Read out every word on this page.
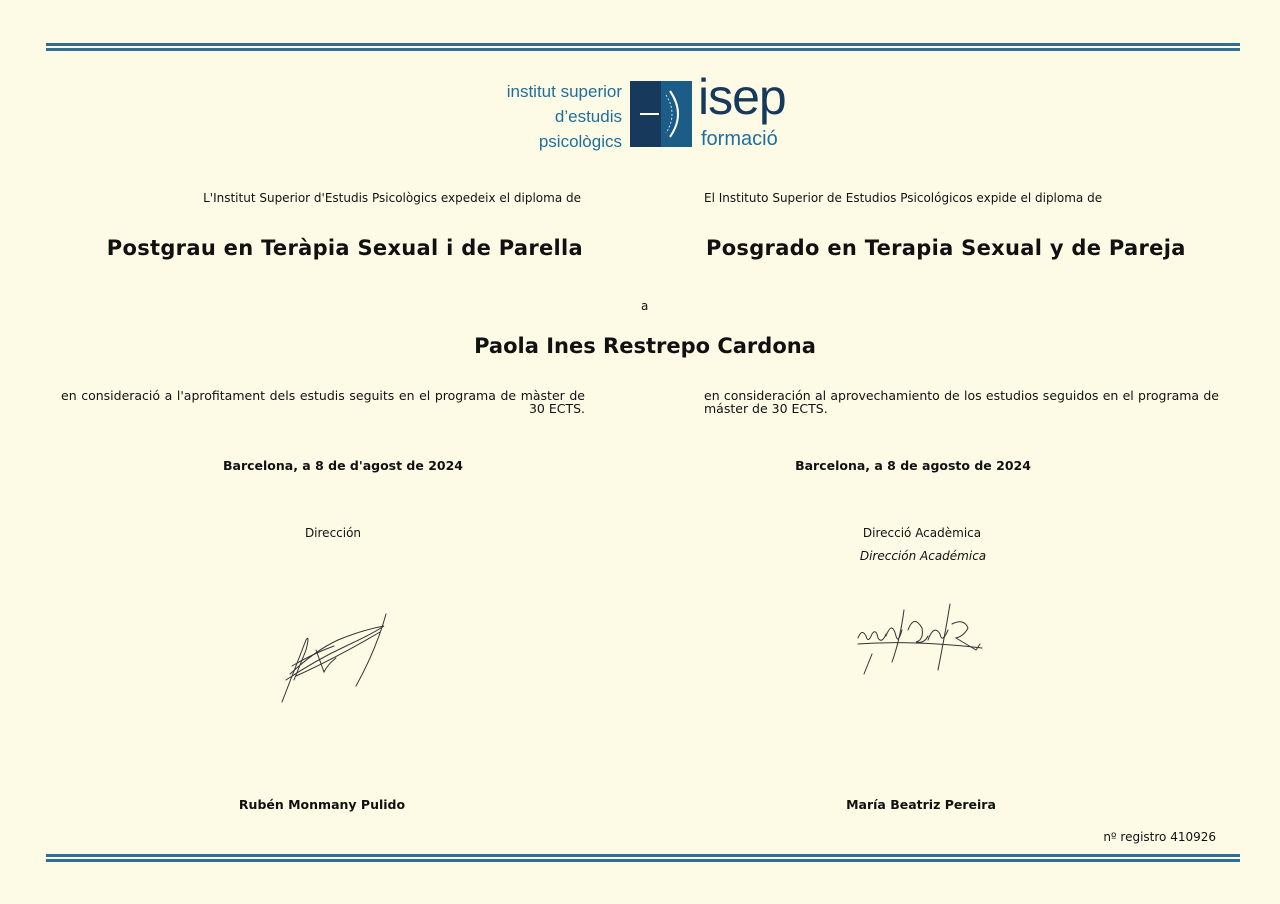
institut superior
d’estudis
psicològics
isep
formació
L'Institut Superior d'Estudis Psicològics expedeix el diploma de
Postgrau en Teràpia Sexual i de Parella
El Instituto Superior de Estudios Psicológicos expide el diploma de
Posgrado en Terapia Sexual y de Pareja
a
Paola Ines Restrepo Cardona
en consideració a l'aprofitament dels estudis seguits en el programa de màster de 30 ECTS.
en consideración al aprovechamiento de los estudios seguidos en el programa de máster de 30 ECTS.
Barcelona, a 8 de d'agost de 2024	Barcelona, a 8 de agosto de 2024
Dirección	Direcció Acadèmica
Dirección Académica
Rubén Monmany Pulido	María Beatriz Pereira
nº registro 410926
